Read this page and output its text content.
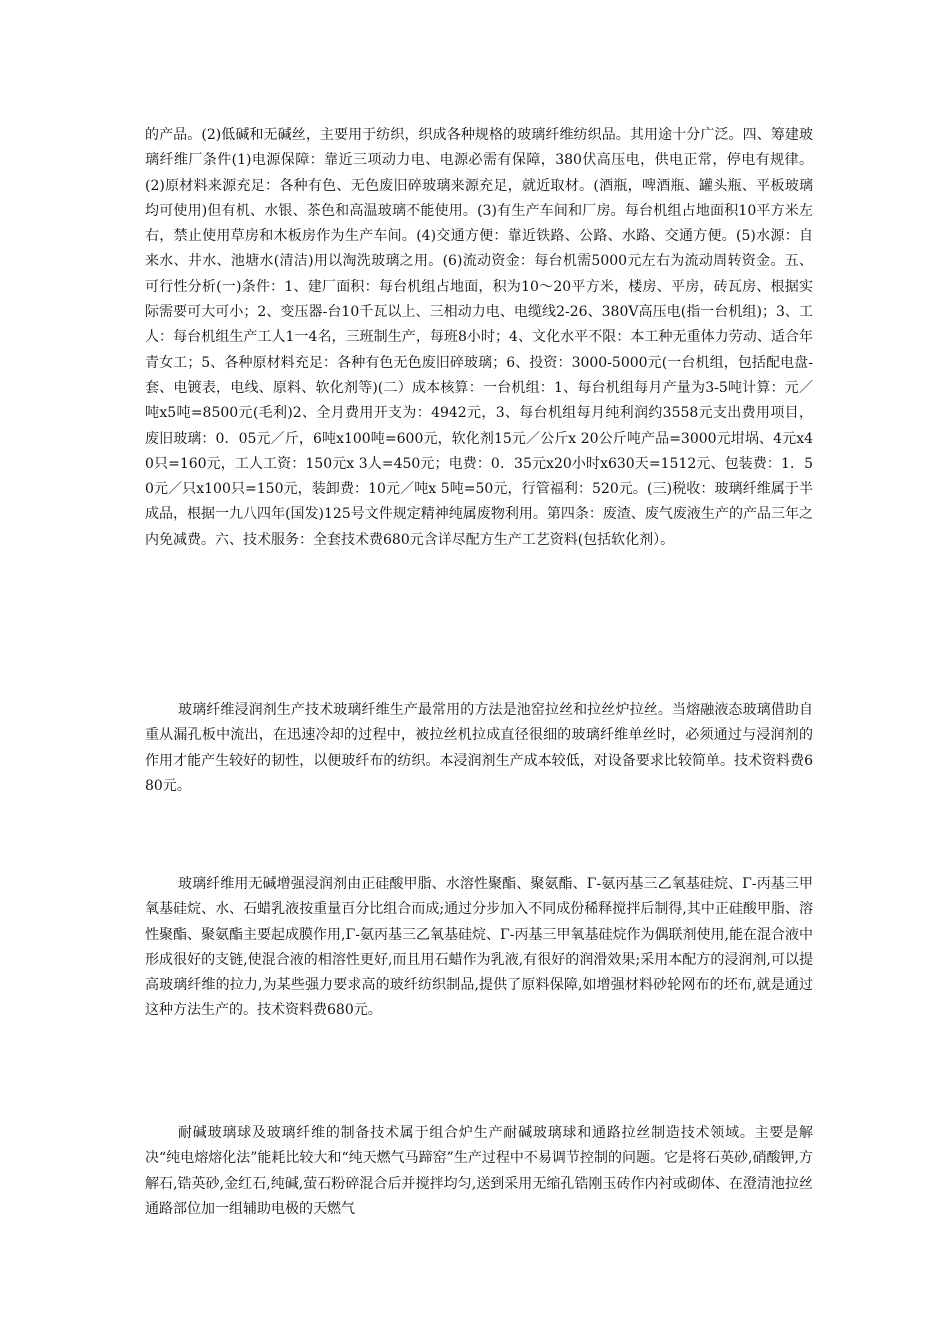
的产品。(2)低碱和无碱丝，主要用于纺织，织成各种规格的玻璃纤维纺织品。其用途十分广泛。四、筹建玻璃纤维厂条件(1)电源保障：靠近三项动力电、电源必需有保障，380伏高压电，供电正常，停电有规律。(2)原材料来源充足：各种有色、无色废旧碎玻璃来源充足，就近取材。(酒瓶，啤酒瓶、罐头瓶、平板玻璃均可使用)但有机、水银、茶色和高温玻璃不能使用。(3)有生产车间和厂房。每台机组占地面积10平方米左右，禁止使用草房和木板房作为生产车间。(4)交通方便：靠近铁路、公路、水路、交通方便。(5)水源：自来水、井水、池塘水(清洁)用以淘洗玻璃之用。(6)流动资金：每台机需5000元左右为流动周转资金。五、可行性分析(一)条件：1、建厂面积：每台机组占地面，积为10～20平方米，楼房、平房，砖瓦房、根据实际需要可大可小；2、变压器-台10千瓦以上、三相动力电、电缆线2-26、380V高压电(指一台机组)；3、工人：每台机组生产工人1一4名，三班制生产，每班8小时；4、文化水平不限：本工种无重体力劳动、适合年青女工；5、各种原材料充足：各种有色无色废旧碎玻璃；6、投资：3000-5000元(一台机组，包括配电盘-套、电镀表，电线、原料、软化剂等)(二）成本核算：一台机组：1、每台机组每月产量为3-5吨计算：元／吨x5吨=8500元(毛利)2、全月费用开支为：4942元，3、每台机组每月纯利润约3558元支出费用项目，废旧玻璃：0．05元／斤，6吨x100吨=600元，软化剂15元／公斤x 20公斤吨产品=3000元坩埚、4元x40只=160元，工人工资：150元x 3人=450元；电费：0．35元x20小时x630天=1512元、包装费：1．50元／只x100只=150元，装卸费：10元／吨x 5吨=50元，行管福利：520元。(三)税收：玻璃纤维属于半成品，根据一九八四年(国发)125号文件规定精神纯属废物利用。第四条：废渣、废气废液生产的产品三年之内免减费。六、技术服务：全套技术费680元含详尽配方生产工艺资料(包括软化剂）。

玻璃纤维浸润剂生产技术玻璃纤维生产最常用的方法是池窑拉丝和拉丝炉拉丝。当熔融液态玻璃借助自重从漏孔板中流出，在迅速冷却的过程中，被拉丝机拉成直径很细的玻璃纤维单丝时，必须通过与浸润剂的作用才能产生较好的韧性，以便玻纤布的纺织。本浸润剂生产成本较低，对设备要求比较简单。技术资料费680元。

玻璃纤维用无碱增强浸润剂由正硅酸甲脂、水溶性聚酯、聚氨酯、Γ-氨丙基三乙氧基硅烷、Γ-丙基三甲氧基硅烷、水、石蜡乳液按重量百分比组合而成;通过分步加入不同成份稀释搅拌后制得,其中正硅酸甲脂、溶性聚酯、聚氨酯主要起成膜作用,Γ-氨丙基三乙氧基硅烷、Γ-丙基三甲氧基硅烷作为偶联剂使用,能在混合液中形成很好的支链,使混合液的相溶性更好,而且用石蜡作为乳液,有很好的润滑效果;采用本配方的浸润剂,可以提高玻璃纤维的拉力,为某些强力要求高的玻纤纺织制品,提供了原料保障,如增强材料砂轮网布的坯布,就是通过这种方法生产的。技术资料费680元。

耐碱玻璃球及玻璃纤维的制备技术属于组合炉生产耐碱玻璃球和通路拉丝制造技术领域。主要是解决“纯电熔熔化法”能耗比较大和“纯天燃气马蹄窑”生产过程中不易调节控制的问题。它是将石英砂,硝酸钾,方解石,锆英砂,金红石,纯碱,萤石粉碎混合后并搅拌均匀,送到采用无缩孔锆刚玉砖作内衬或砌体、在澄清池拉丝通路部位加一组辅助电极的天燃气
